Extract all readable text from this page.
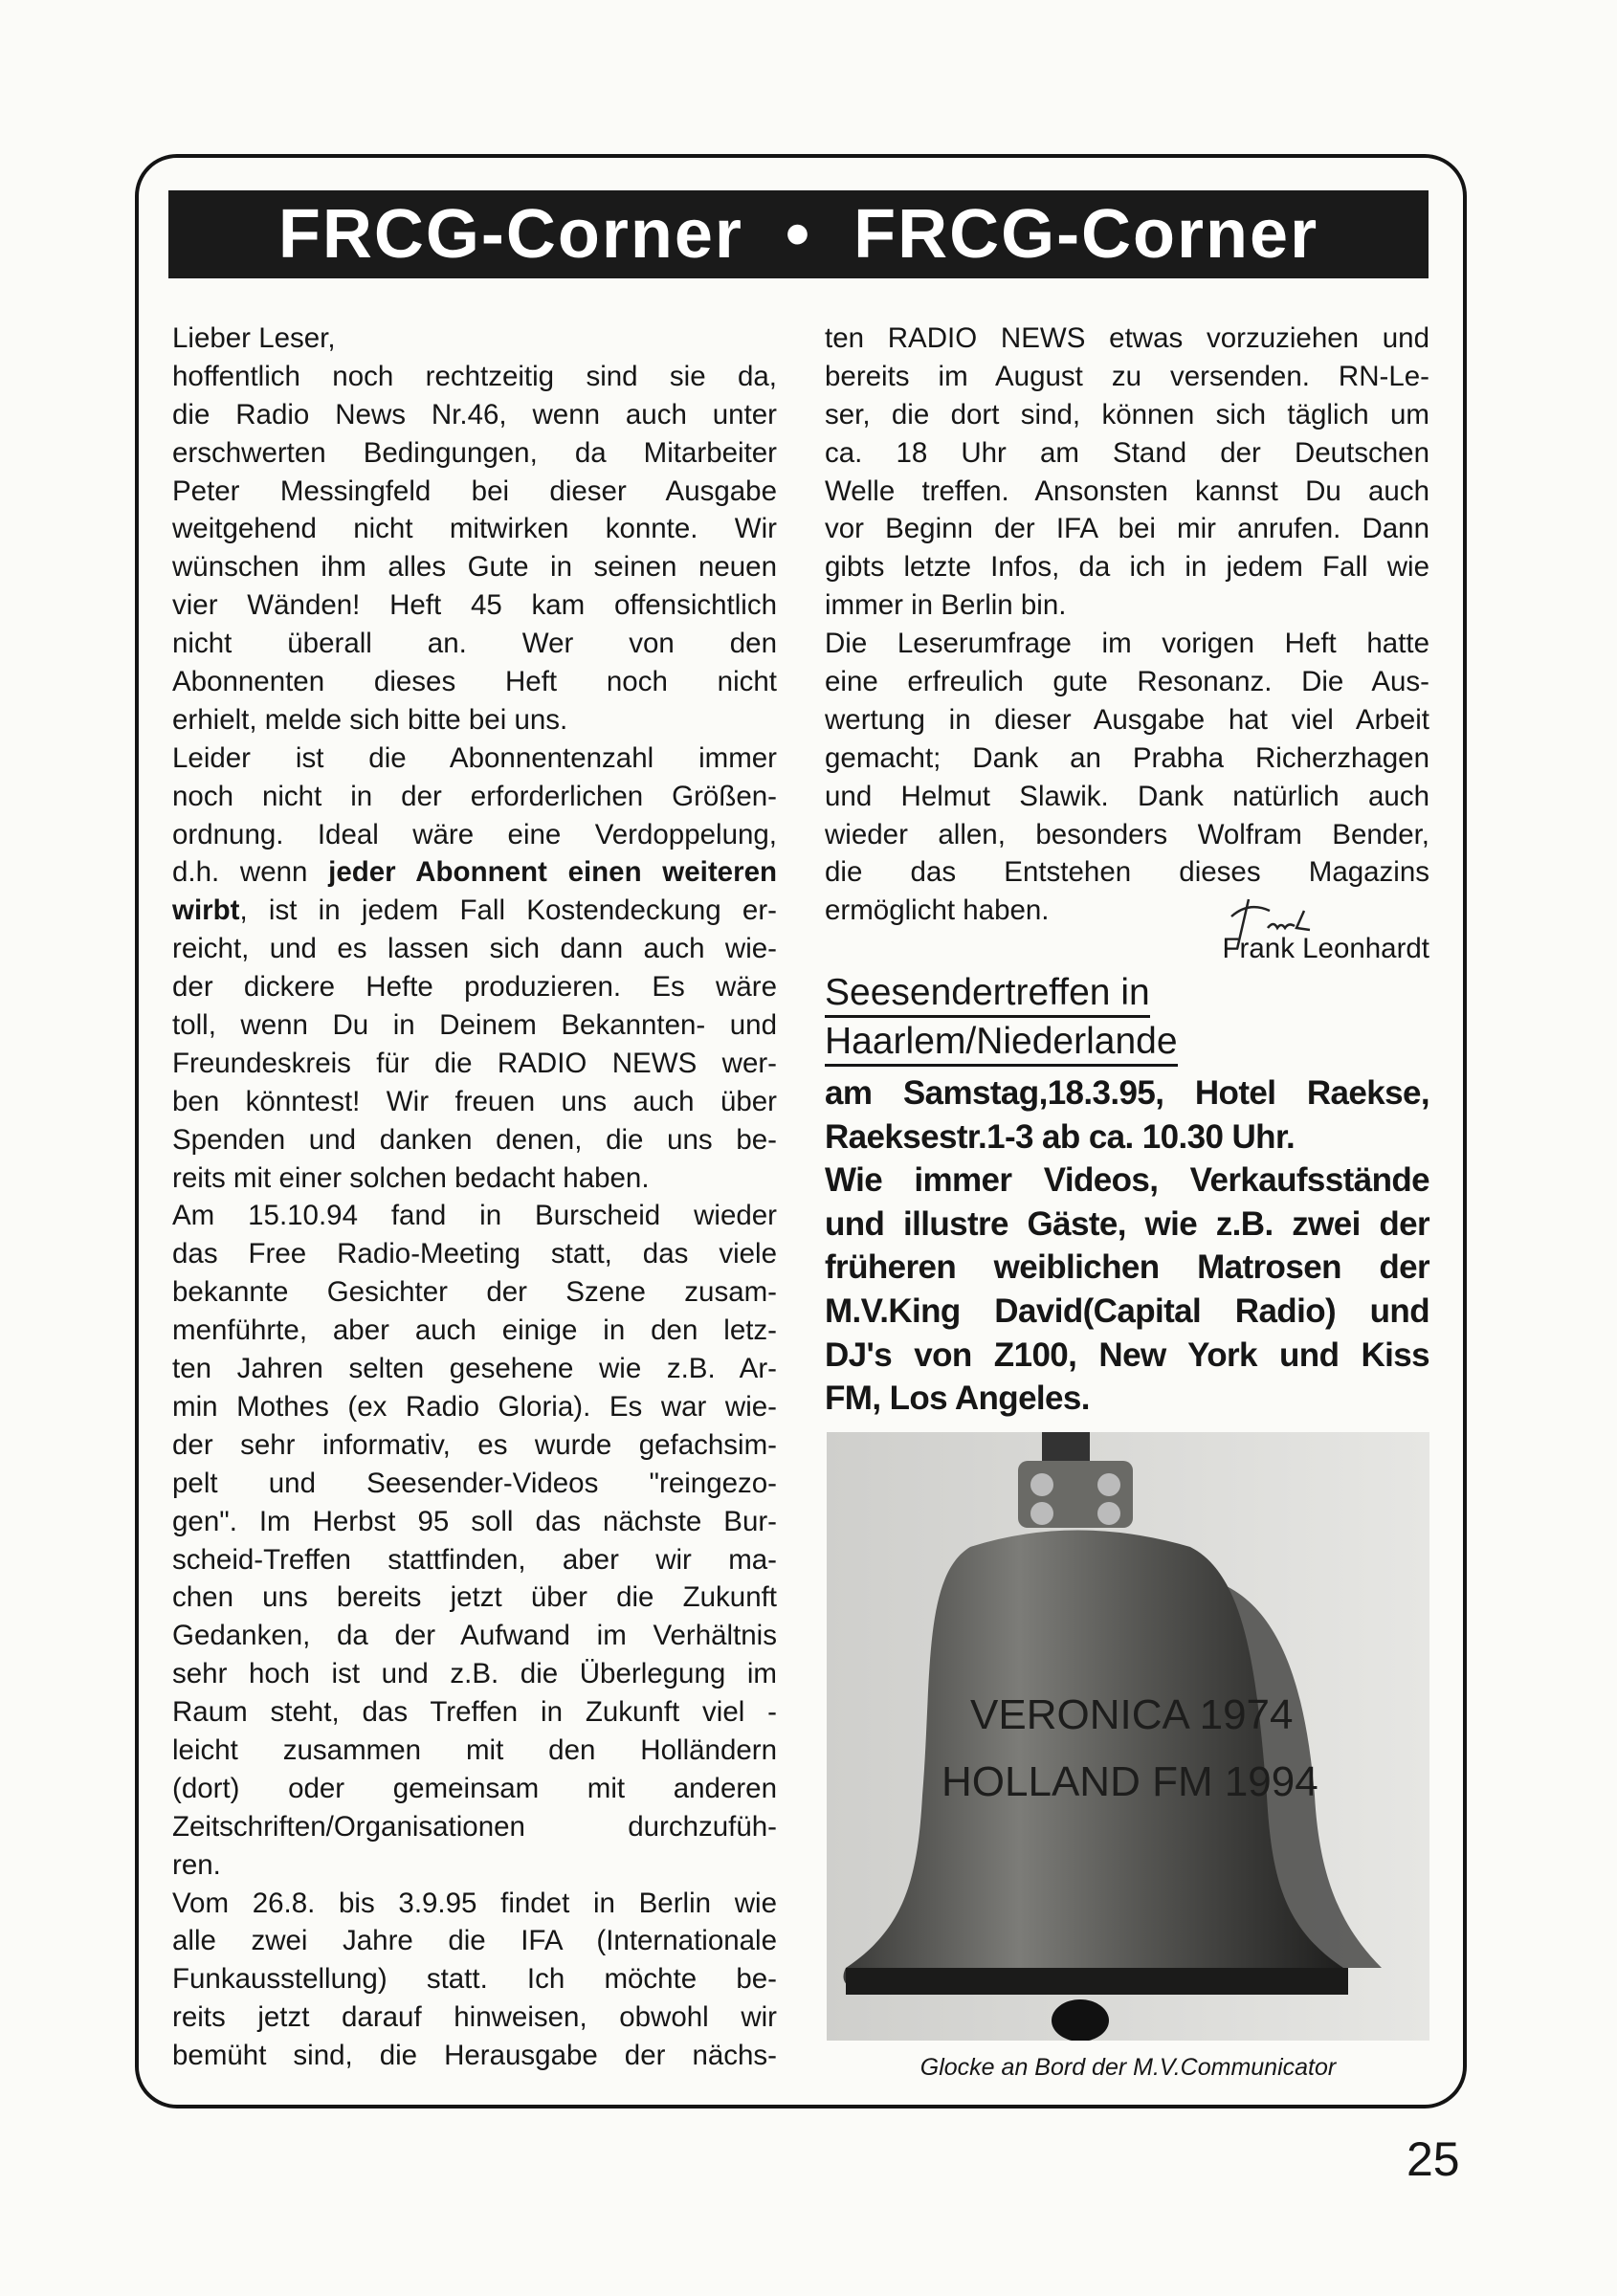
FRCG-Corner  •  FRCG-Corner
Lieber Leser,
hoffentlich noch rechtzeitig sind sie da,
die Radio News Nr.46, wenn auch unter
erschwerten Bedingungen, da Mitarbeiter
Peter Messingfeld bei dieser Ausgabe
weitgehend nicht mitwirken konnte. Wir
wünschen ihm alles Gute in seinen neuen
vier Wänden! Heft 45 kam offensichtlich
nicht überall an. Wer von den
Abonnenten dieses Heft noch nicht
erhielt, melde sich bitte bei uns.
Leider ist die Abonnentenzahl immer
noch nicht in der erforderlichen Größen-
ordnung. Ideal wäre eine Verdoppelung,
d.h. wenn jeder Abonnent einen weiteren
wirbt, ist in jedem Fall Kostendeckung er-
reicht, und es lassen sich dann auch wie-
der dickere Hefte produzieren. Es wäre
toll, wenn Du in Deinem Bekannten- und
Freundeskreis für die RADIO NEWS wer-
ben könntest! Wir freuen uns auch über
Spenden und danken denen, die uns be-
reits mit einer solchen bedacht haben.
Am 15.10.94 fand in Burscheid wieder
das Free Radio-Meeting statt, das viele
bekannte Gesichter der Szene zusam-
menführte, aber auch einige in den letz-
ten Jahren selten gesehene wie z.B. Ar-
min Mothes (ex Radio Gloria). Es war wie-
der sehr informativ, es wurde gefachsim-
pelt und Seesender-Videos "reingezo-
gen". Im Herbst 95 soll das nächste Bur-
scheid-Treffen stattfinden, aber wir ma-
chen uns bereits jetzt über die Zukunft
Gedanken, da der Aufwand im Verhältnis
sehr hoch ist und z.B. die Überlegung im
Raum steht, das Treffen in Zukunft viel -
leicht zusammen mit den Holländern
(dort) oder gemeinsam mit anderen
Zeitschriften/Organisationen durchzufüh-
ren.
Vom 26.8. bis 3.9.95 findet in Berlin wie
alle zwei Jahre die IFA (Internationale
Funkausstellung) statt. Ich möchte be-
reits jetzt darauf hinweisen, obwohl wir
bemüht sind, die Herausgabe der nächs-
ten RADIO NEWS etwas vorzuziehen und
bereits im August zu versenden. RN-Le-
ser, die dort sind, können sich täglich um
ca. 18 Uhr am Stand der Deutschen
Welle treffen. Ansonsten kannst Du auch
vor Beginn der IFA bei mir anrufen. Dann
gibts letzte Infos, da ich in jedem Fall wie
immer in Berlin bin.
Die Leserumfrage im vorigen Heft hatte
eine erfreulich gute Resonanz. Die Aus-
wertung in dieser Ausgabe hat viel Arbeit
gemacht; Dank an Prabha Richerzhagen
und Helmut Slawik. Dank natürlich auch
wieder allen, besonders Wolfram Bender,
die das Entstehen dieses Magazins
ermöglicht haben.
Frank Leonhardt
Seesendertreffen in
Haarlem/Niederlande
am Samstag,18.3.95, Hotel Raekse,
Raeksestr.1-3 ab ca. 10.30 Uhr.
Wie immer Videos, Verkaufsstände
und illustre Gäste, wie z.B. zwei der
früheren weiblichen Matrosen der
M.V.King David(Capital Radio) und
DJ's von Z100, New York und Kiss
FM, Los Angeles.
VERONICA 1974
HOLLAND FM 1994
Glocke an Bord der M.V.Communicator
25
